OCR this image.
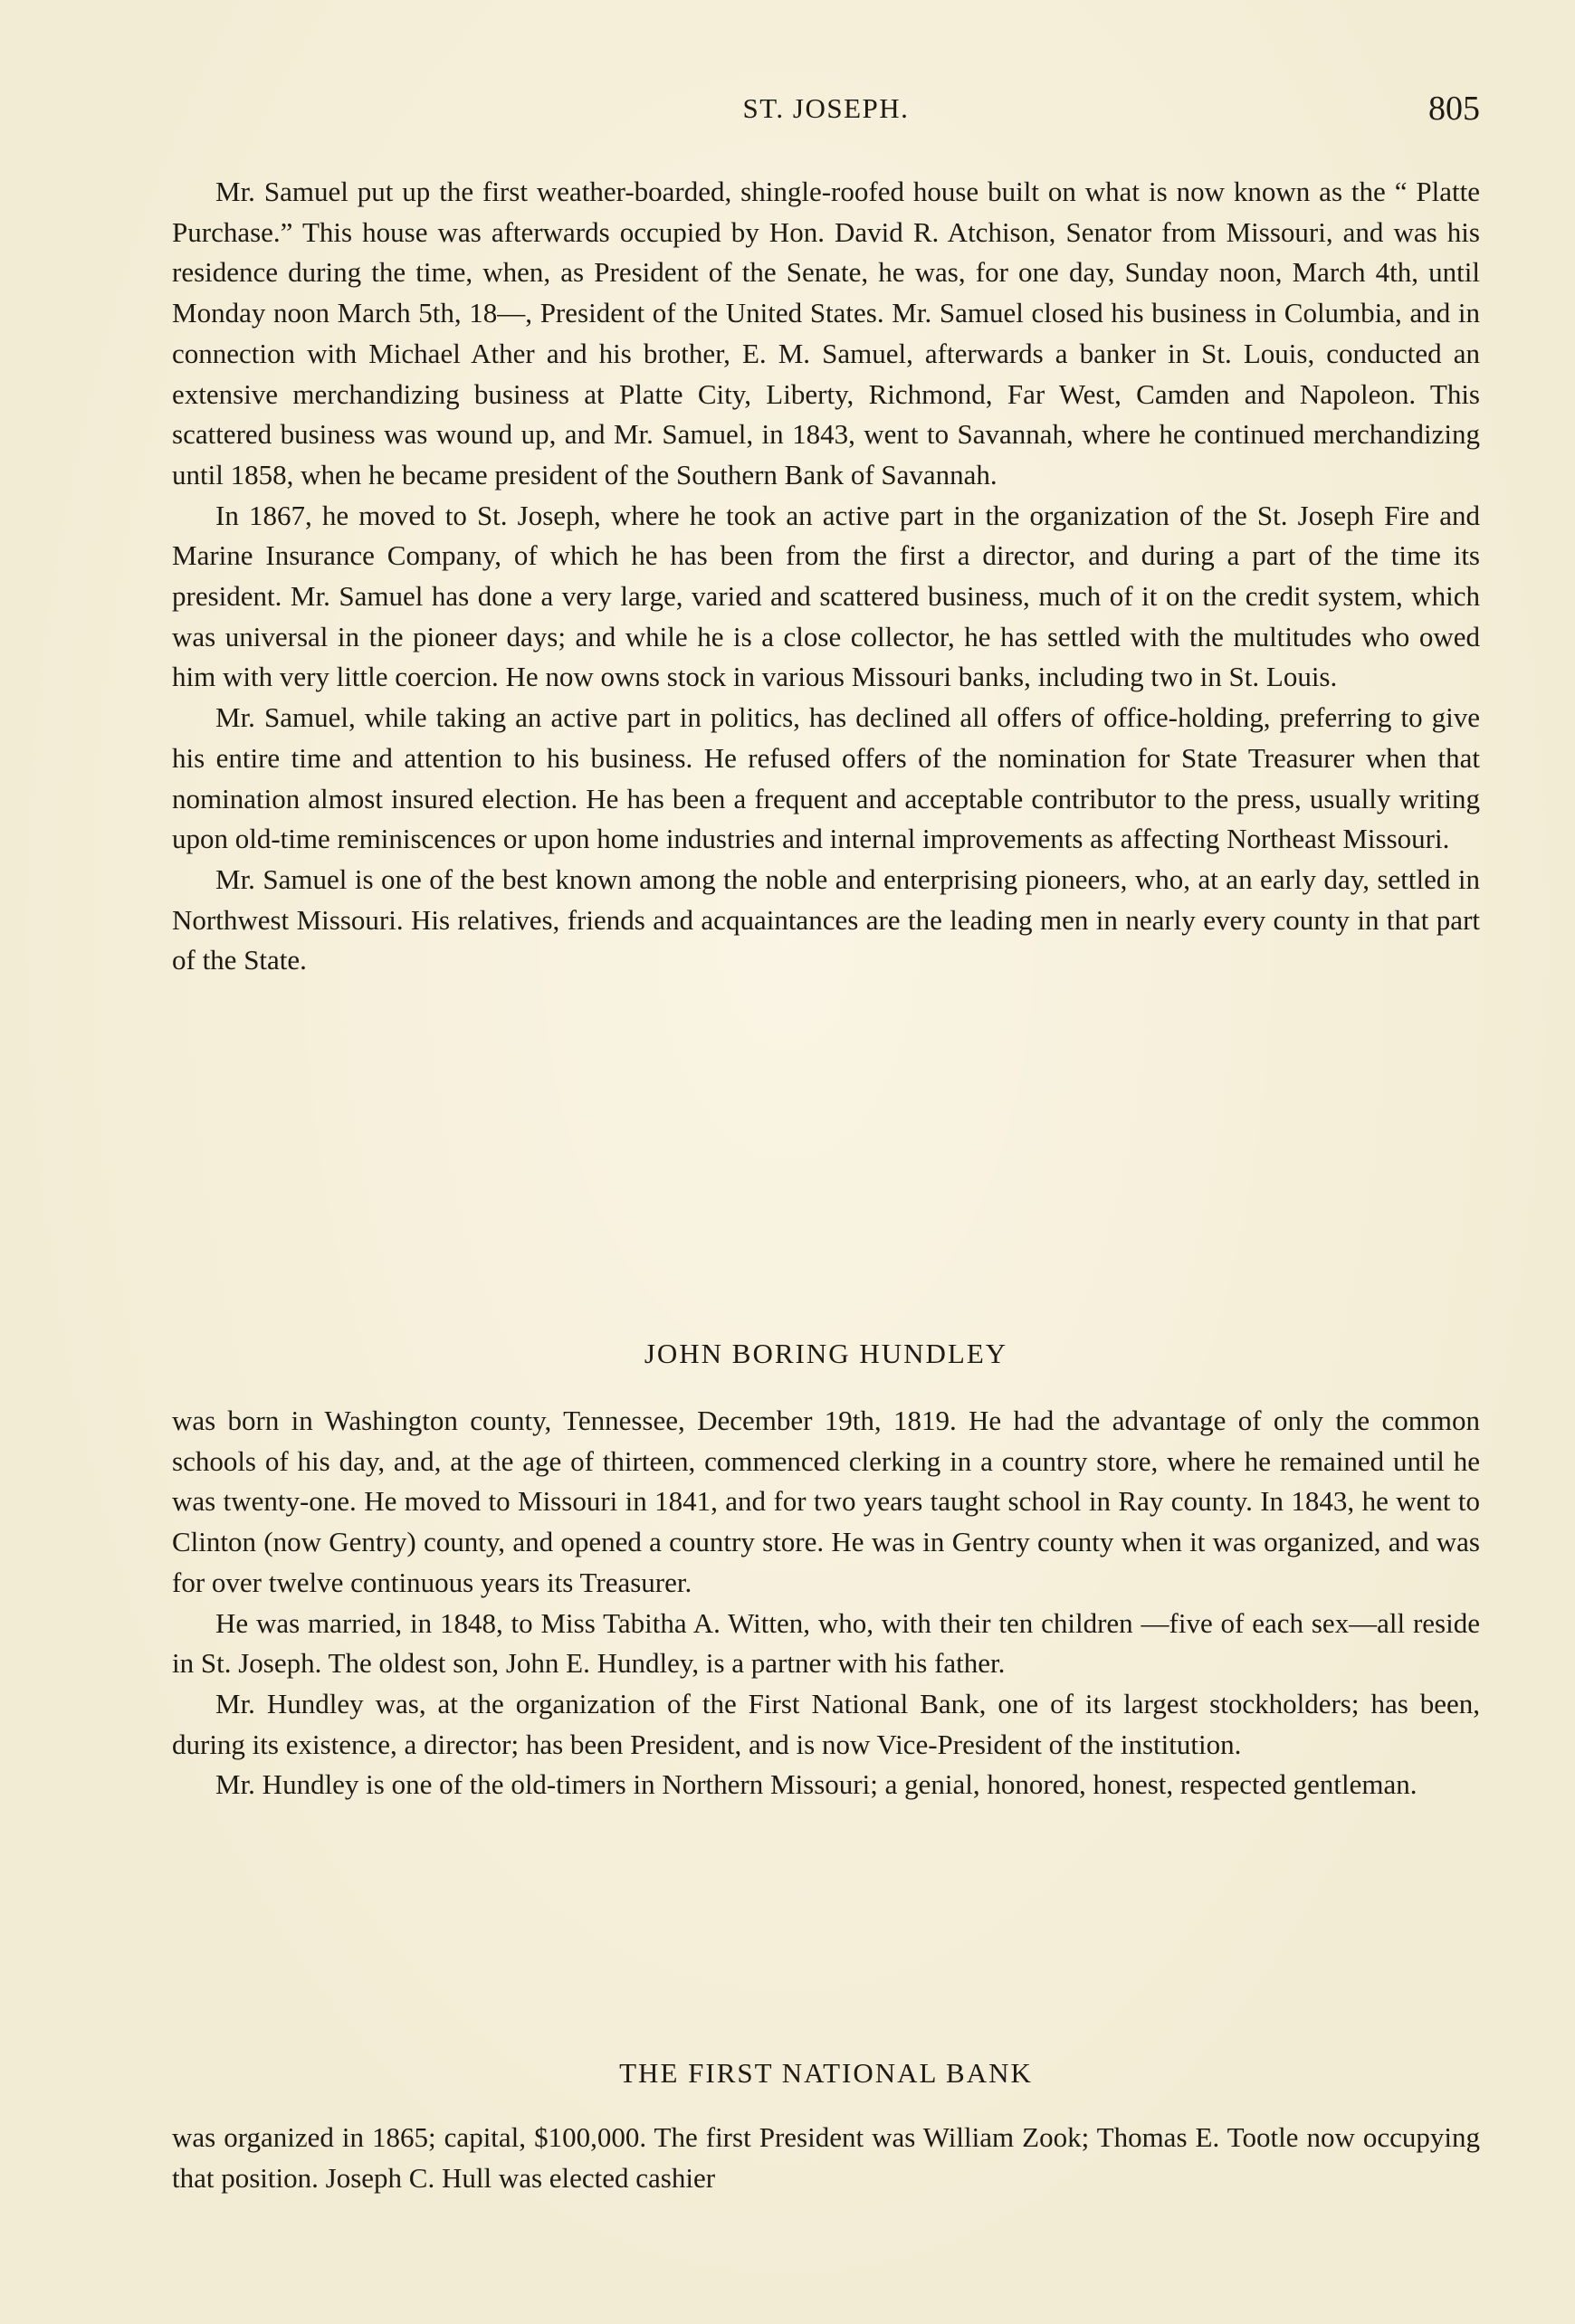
ST. JOSEPH.	805

Mr. Samuel put up the first weather-boarded, shingle-roofed house built on what is now known as the “ Platte Purchase.” This house was afterwards occupied by Hon. David R. Atchison, Senator from Missouri, and was his residence during the time, when, as President of the Senate, he was, for one day, Sunday noon, March 4th, until Monday noon March 5th, 18—, President of the United States. Mr. Samuel closed his business in Columbia, and in connection with Michael Ather and his brother, E. M. Samuel, afterwards a banker in St. Louis, conducted an extensive merchandizing business at Platte City, Liberty, Richmond, Far West, Camden and Napoleon. This scattered business was wound up, and Mr. Samuel, in 1843, went to Savannah, where he continued merchandizing until 1858, when he became president of the Southern Bank of Savannah.

In 1867, he moved to St. Joseph, where he took an active part in the organization of the St. Joseph Fire and Marine Insurance Company, of which he has been from the first a director, and during a part of the time its president. Mr. Samuel has done a very large, varied and scattered business, much of it on the credit system, which was universal in the pioneer days; and while he is a close collector, he has settled with the multitudes who owed him with very little coercion. He now owns stock in various Missouri banks, including two in St. Louis.

Mr. Samuel, while taking an active part in politics, has declined all offers of office-holding, preferring to give his entire time and attention to his business. He refused offers of the nomination for State Treasurer when that nomination almost insured election. He has been a frequent and acceptable contributor to the press, usually writing upon old-time reminiscences or upon home industries and internal improvements as affecting Northeast Missouri.

Mr. Samuel is one of the best known among the noble and enterprising pioneers, who, at an early day, settled in Northwest Missouri. His relatives, friends and acquaintances are the leading men in nearly every county in that part of the State.

JOHN BORING HUNDLEY

was born in Washington county, Tennessee, December 19th, 1819. He had the advantage of only the common schools of his day, and, at the age of thirteen, commenced clerking in a country store, where he remained until he was twenty-one. He moved to Missouri in 1841, and for two years taught school in Ray county. In 1843, he went to Clinton (now Gentry) county, and opened a country store. He was in Gentry county when it was organized, and was for over twelve continuous years its Treasurer.

He was married, in 1848, to Miss Tabitha A. Witten, who, with their ten children —five of each sex—all reside in St. Joseph. The oldest son, John E. Hundley, is a partner with his father.

Mr. Hundley was, at the organization of the First National Bank, one of its largest stockholders; has been, during its existence, a director; has been President, and is now Vice-President of the institution.

Mr. Hundley is one of the old-timers in Northern Missouri; a genial, honored, honest, respected gentleman.

THE FIRST NATIONAL BANK

was organized in 1865; capital, $100,000. The first President was William Zook; Thomas E. Tootle now occupying that position. Joseph C. Hull was elected cashier
